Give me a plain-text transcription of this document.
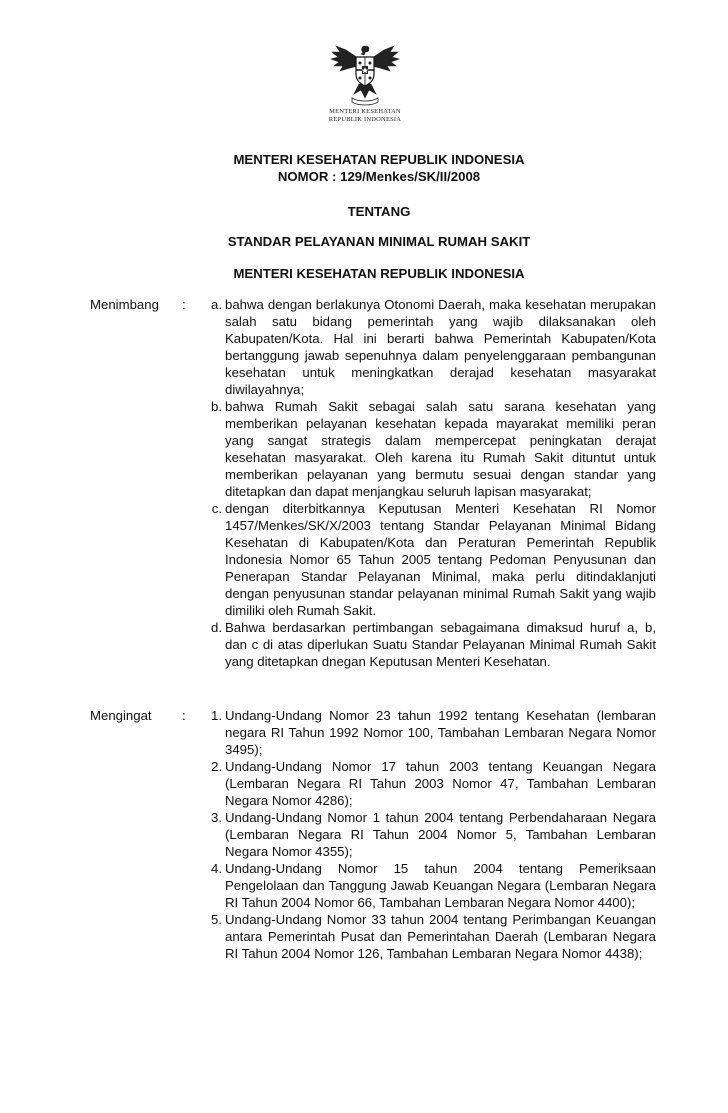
MENTERI KESEHATAN
REPUBLIK INDONESIA
MENTERI KESEHATAN REPUBLIK INDONESIA
NOMOR : 129/Menkes/SK/II/2008
TENTANG
STANDAR PELAYANAN MINIMAL RUMAH SAKIT
MENTERI KESEHATAN REPUBLIK INDONESIA
Menimbang :	a. bahwa dengan berlakunya Otonomi Daerah, maka kesehatan merupakan salah satu bidang pemerintah yang wajib dilaksanakan oleh Kabupaten/Kota. Hal ini berarti bahwa Pemerintah Kabupaten/Kota bertanggung jawab sepenuhnya dalam penyelenggaraan pembangunan kesehatan untuk meningkatkan derajad kesehatan masyarakat diwilayahnya;
b. bahwa Rumah Sakit sebagai salah satu sarana kesehatan yang memberikan pelayanan kesehatan kepada mayarakat memiliki peran yang sangat strategis dalam mempercepat peningkatan derajat kesehatan masyarakat. Oleh karena itu Rumah Sakit dituntut untuk memberikan pelayanan yang bermutu sesuai dengan standar yang ditetapkan dan dapat menjangkau seluruh lapisan masyarakat;
c. dengan diterbitkannya Keputusan Menteri Kesehatan RI Nomor 1457/Menkes/SK/X/2003 tentang Standar Pelayanan Minimal Bidang Kesehatan di Kabupaten/Kota dan Peraturan Pemerintah Republik Indonesia Nomor 65 Tahun 2005 tentang Pedoman Penyusunan dan Penerapan Standar Pelayanan Minimal, maka perlu ditindaklanjuti dengan penyusunan standar pelayanan minimal Rumah Sakit yang wajib dimiliki oleh Rumah Sakit.
d. Bahwa berdasarkan pertimbangan sebagaimana dimaksud huruf a, b, dan c di atas diperlukan Suatu Standar Pelayanan Minimal Rumah Sakit yang ditetapkan dnegan Keputusan Menteri Kesehatan.
Mengingat :	1. Undang-Undang Nomor 23 tahun 1992 tentang Kesehatan (lembaran negara RI Tahun 1992 Nomor 100, Tambahan Lembaran Negara Nomor 3495);
2. Undang-Undang Nomor 17 tahun 2003 tentang Keuangan Negara (Lembaran Negara RI Tahun 2003 Nomor 47, Tambahan Lembaran Negara Nomor 4286);
3. Undang-Undang Nomor 1 tahun 2004 tentang Perbendaharaan Negara (Lembaran Negara RI Tahun 2004 Nomor 5, Tambahan Lembaran Negara Nomor 4355);
4. Undang-Undang Nomor 15 tahun 2004 tentang Pemeriksaan Pengelolaan dan Tanggung Jawab Keuangan Negara (Lembaran Negara RI Tahun 2004 Nomor 66, Tambahan Lembaran Negara Nomor 4400);
5. Undang-Undang Nomor 33 tahun 2004 tentang Perimbangan Keuangan antara Pemerintah Pusat dan Pemerintahan Daerah (Lembaran Negara RI Tahun 2004 Nomor 126, Tambahan Lembaran Negara Nomor 4438);
